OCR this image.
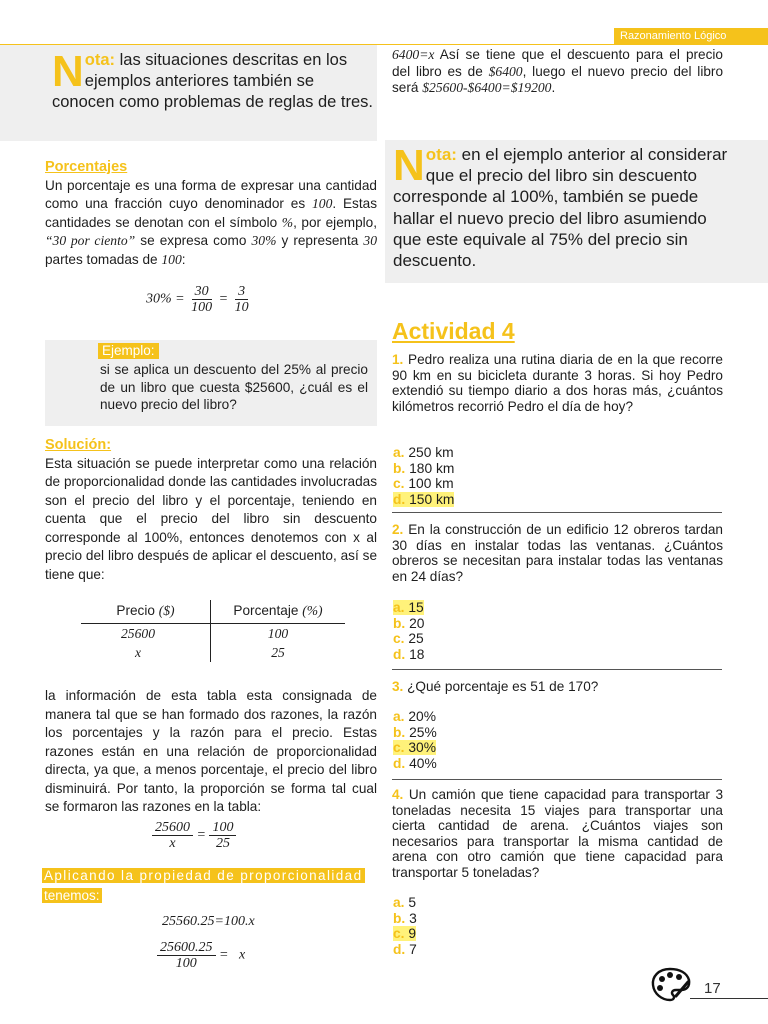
Razonamiento Lógico
Nota: las situaciones descritas en los ejemplos anteriores también se conocen como problemas de reglas de tres.
Porcentajes
Un porcentaje es una forma de expresar una cantidad como una fracción cuyo denominador es 100. Estas cantidades se denotan con el símbolo %, por ejemplo, “30 por ciento” se expresa como 30% y representa 30 partes tomadas de 100:
$30\% = \frac{30}{100} = \frac{3}{10}$
Ejemplo:
si se aplica un descuento del 25% al precio de un libro que cuesta $25600, ¿cuál es el nuevo precio del libro?
Solución:
Esta situación se puede interpretar como una relación de proporcionalidad donde las cantidades involucradas son el precio del libro y el porcentaje, teniendo en cuenta que el precio del libro sin descuento corresponde al 100%, entonces denotemos con x al precio del libro después de aplicar el descuento, así se tiene que:
Precio ($)	Porcentaje (%)
25600	100
x	25
la información de esta tabla esta consignada de manera tal que se han formado dos razones, la razón los porcentajes y la razón para el precio. Estas razones están en una relación de proporcionalidad directa, ya que, a menos porcentaje, el precio del libro disminuirá. Por tanto, la proporción se forma tal cual se formaron las razones en la tabla:
$\frac{25600}{x} = \frac{100}{25}$
Aplicando la propiedad de proporcionalidad
tenemos:
25560.25=100.x
$\frac{25600.25}{100} = x$
6400=x Así se tiene que el descuento para el precio del libro es de $6400, luego el nuevo precio del libro será $25600-$6400=$19200.
Nota: en el ejemplo anterior al considerar que el precio del libro sin descuento corresponde al 100%, también se puede hallar el nuevo precio del libro asumiendo que este equivale al 75% del precio sin descuento.
Actividad 4
1. Pedro realiza una rutina diaria de en la que recorre 90 km en su bicicleta durante 3 horas. Si hoy Pedro extendió su tiempo diario a dos horas más, ¿cuántos kilómetros recorrió Pedro el día de hoy?
a. 250 km
b. 180 km
c. 100 km
d. 150 km
2. En la construcción de un edificio 12 obreros tardan 30 días en instalar todas las ventanas. ¿Cuántos obreros se necesitan para instalar todas las ventanas en 24 días?
a. 15
b. 20
c. 25
d. 18
3. ¿Qué porcentaje es 51 de 170?
a. 20%
b. 25%
c. 30%
d. 40%
4. Un camión que tiene capacidad para transportar 3 toneladas necesita 15 viajes para transportar una cierta cantidad de arena. ¿Cuántos viajes son necesarios para transportar la misma cantidad de arena con otro camión que tiene capacidad para transportar 5 toneladas?
a. 5
b. 3
c. 9
d. 7
17
